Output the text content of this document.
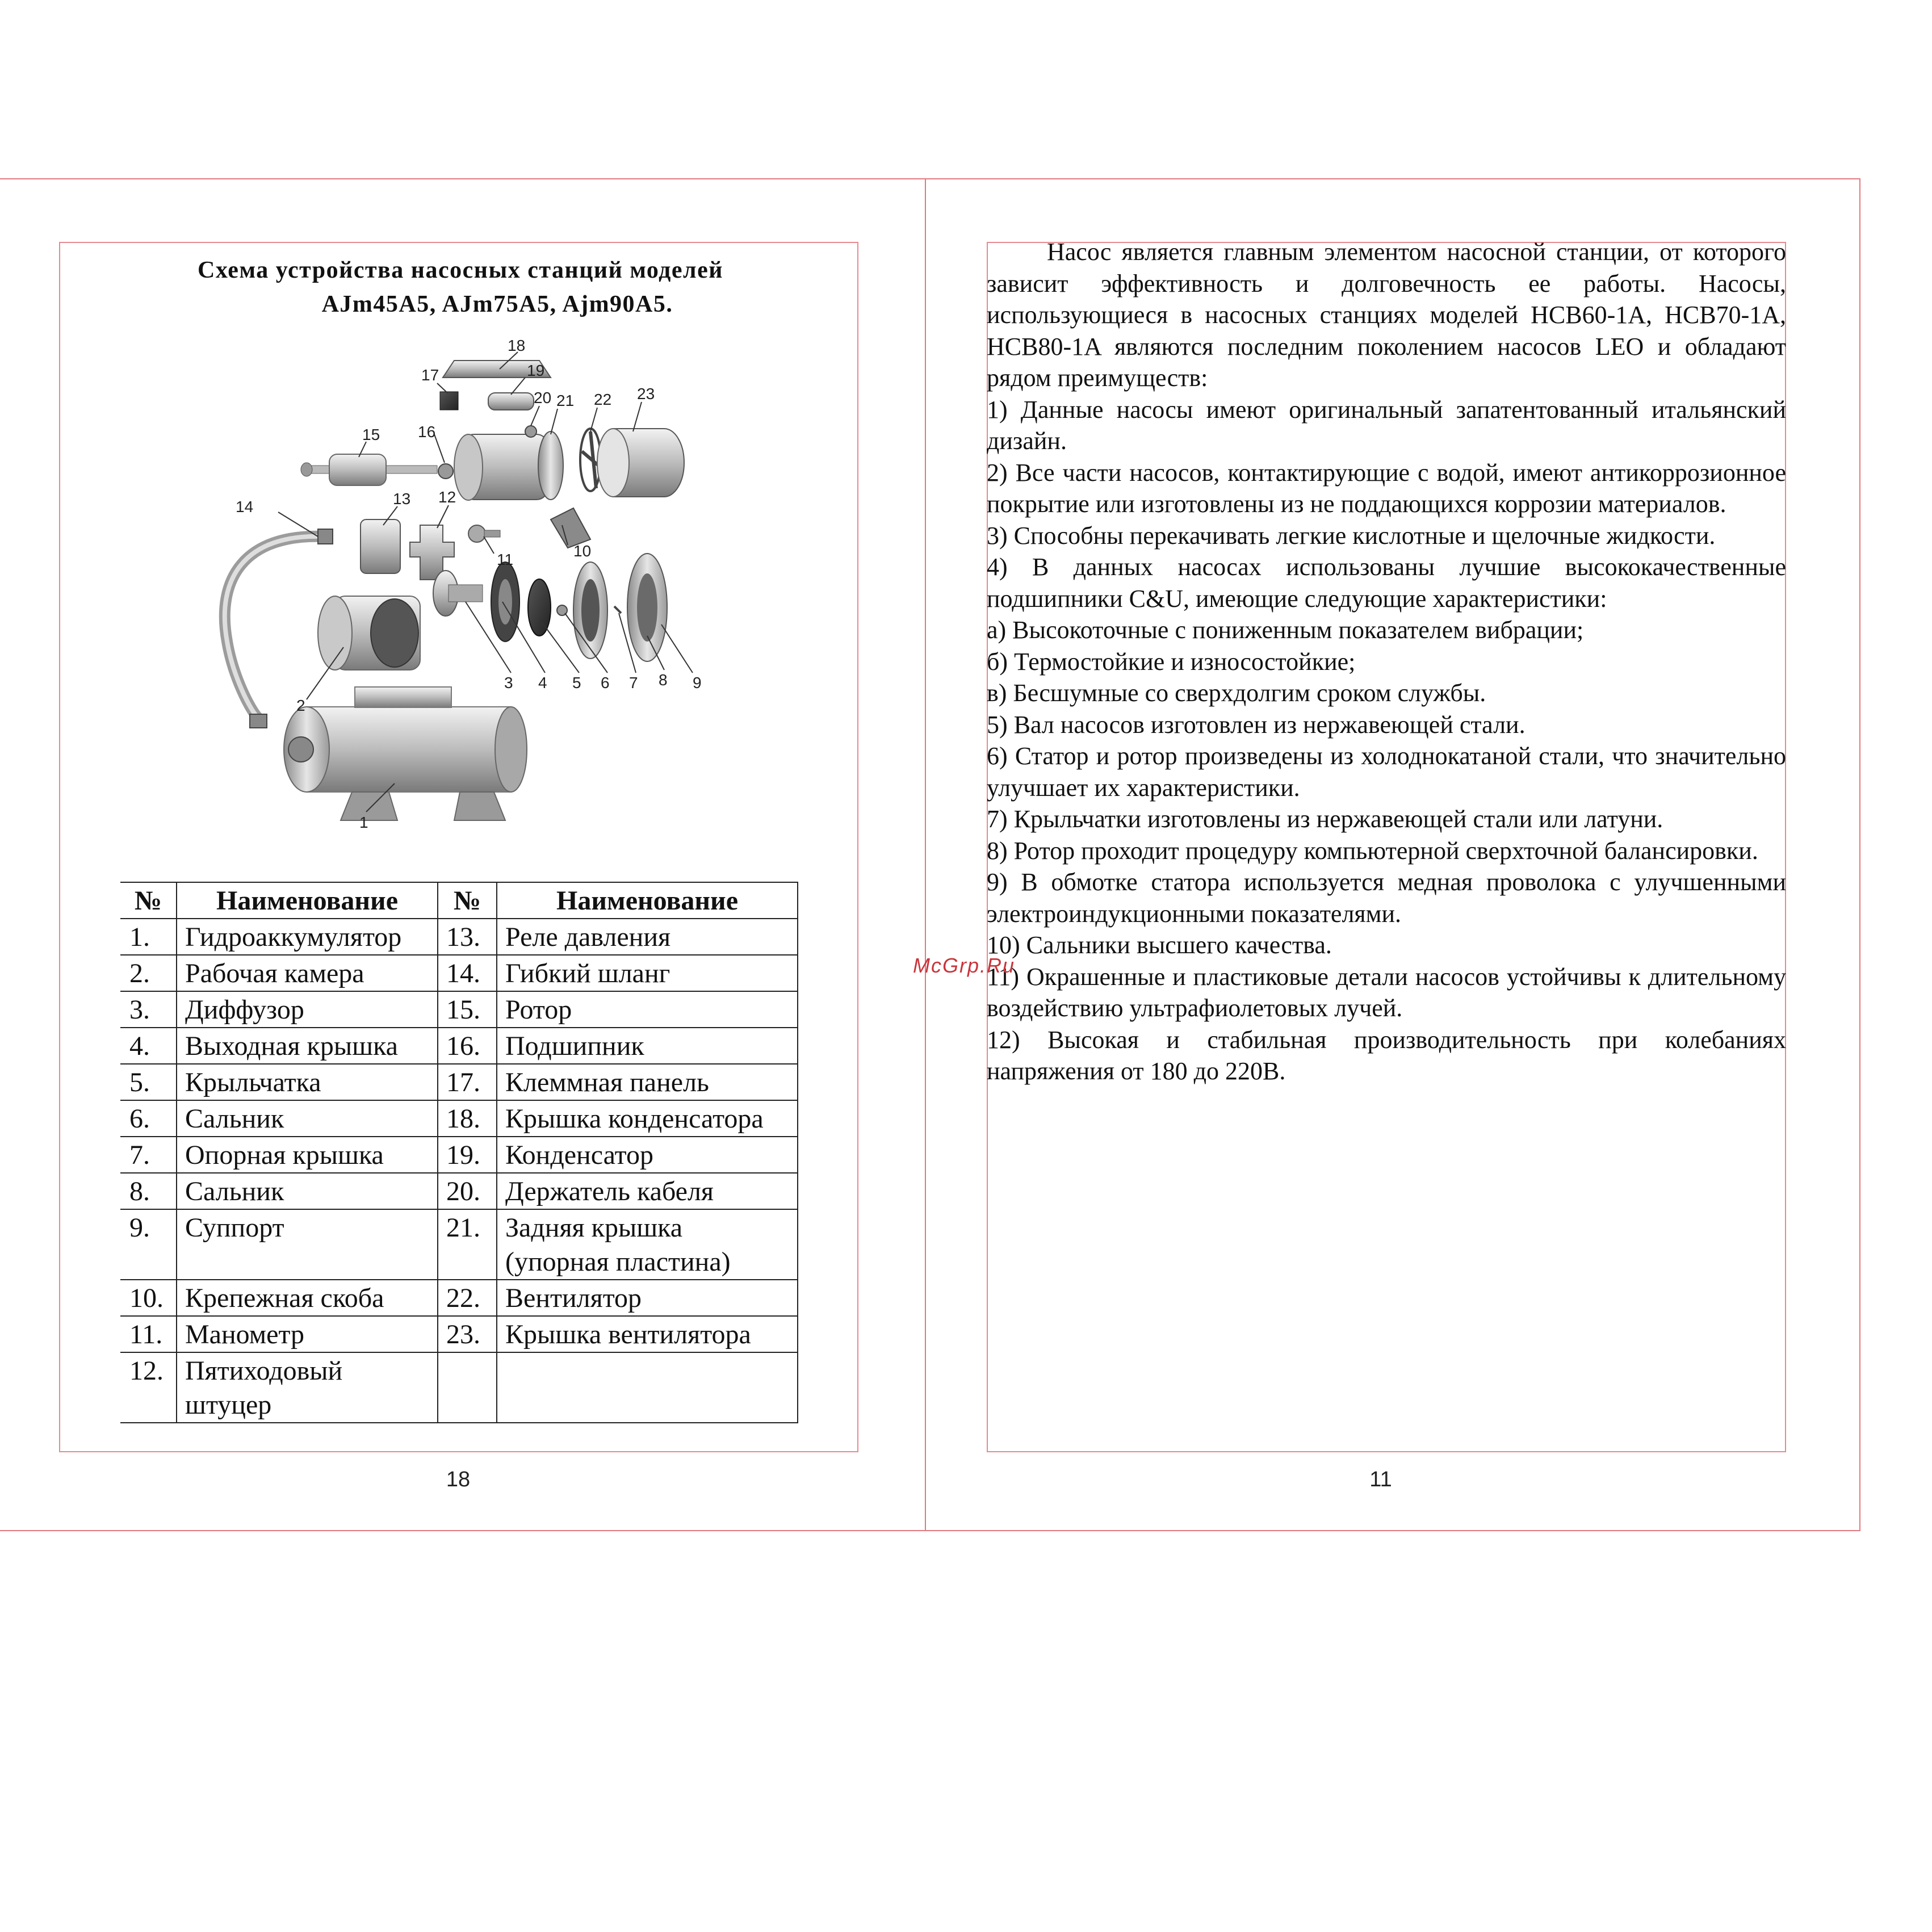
Схема устройства насосных станций моделей
AJm45A5, AJm75A5, Ajm90A5.
1
2
3 4 5 6 7 8 9
10
11
12
13
14
15 16
17
18
19
20 21 22 23
№	Наименование	№	Наименование
1.	Гидроаккумулятор	13.	Реле давления
2.	Рабочая камера	14.	Гибкий шланг
3.	Диффузор	15.	Ротор
4.	Выходная крышка	16.	Подшипник
5.	Крыльчатка	17.	Клеммная панель
6.	Сальник	18.	Крышка конденсатора
7.	Опорная крышка	19.	Конденсатор
8.	Сальник	20.	Держатель кабеля
9.	Суппорт	21.	Задняя крышка (упорная пластина)
10.	Крепежная скоба	22.	Вентилятор
11.	Манометр	23.	Крышка вентилятора
12.	Пятиходовый штуцер		
18

Насос является главным элементом насосной станции, от которого зависит эффективность и долговечность ее работы. Насосы, использующиеся в насосных станциях моделей HCB60-1A, HCB70-1A, HCB80-1A являются последним поколением насосов LEO и обладают рядом преимуществ:

1) Данные насосы имеют оригинальный запатентованный итальянский дизайн.

2) Все части насосов, контактирующие с водой, имеют антикоррозионное покрытие или изготовлены из не поддающихся коррозии материалов.

3) Способны перекачивать легкие кислотные и щелочные жидкости.

4) В данных насосах использованы лучшие высококачественные подшипники C&U, имеющие следующие характеристики:

а) Высокоточные с пониженным показателем вибрации;

б) Термостойкие и износостойкие;

в) Бесшумные со сверхдолгим сроком службы.

5) Вал насосов изготовлен из нержавеющей стали.

6) Статор и ротор произведены из холоднокатаной стали, что значительно улучшает их характеристики.

7) Крыльчатки изготовлены из нержавеющей стали или латуни.

8) Ротор проходит процедуру компьютерной сверхточной балансировки.

9) В обмотке статора используется медная проволока с улучшенными электроиндукционными показателями.

10) Сальники высшего качества.

11) Окрашенные и пластиковые детали насосов устойчивы к длительному воздействию ультрафиолетовых лучей.

12) Высокая и стабильная производительность при колебаниях напряжения от 180 до 220В.

11
McGrp.Ru
